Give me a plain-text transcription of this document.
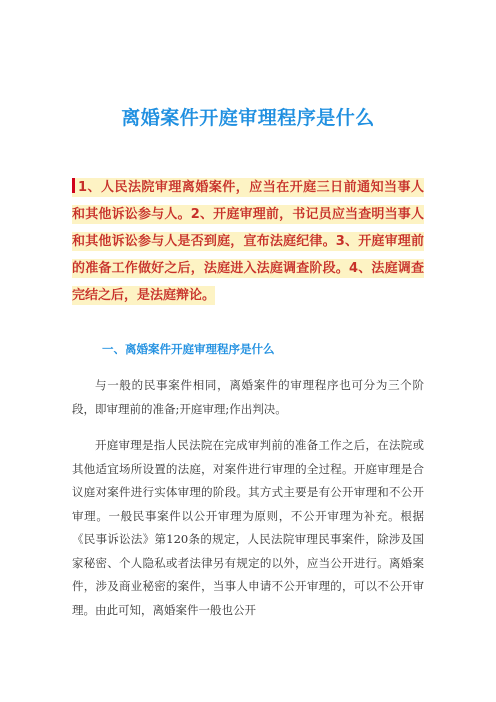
离婚案件开庭审理程序是什么
1、人民法院审理离婚案件，应当在开庭三日前通知当事人和其他诉讼参与人。2、开庭审理前，书记员应当查明当事人和其他诉讼参与人是否到庭，宣布法庭纪律。3、开庭审理前的准备工作做好之后，法庭进入法庭调查阶段。4、法庭调查完结之后，是法庭辩论。
一、离婚案件开庭审理程序是什么
与一般的民事案件相同，离婚案件的审理程序也可分为三个阶段，即审理前的准备;开庭审理;作出判决。
开庭审理是指人民法院在完成审判前的准备工作之后，在法院或其他适宜场所设置的法庭，对案件进行审理的全过程。开庭审理是合议庭对案件进行实体审理的阶段。其方式主要是有公开审理和不公开审理。一般民事案件以公开审理为原则，不公开审理为补充。根据《民事诉讼法》第120条的规定，人民法院审理民事案件，除涉及国家秘密、个人隐私或者法律另有规定的以外，应当公开进行。离婚案件，涉及商业秘密的案件，当事人申请不公开审理的，可以不公开审理。由此可知，离婚案件一般也公开
